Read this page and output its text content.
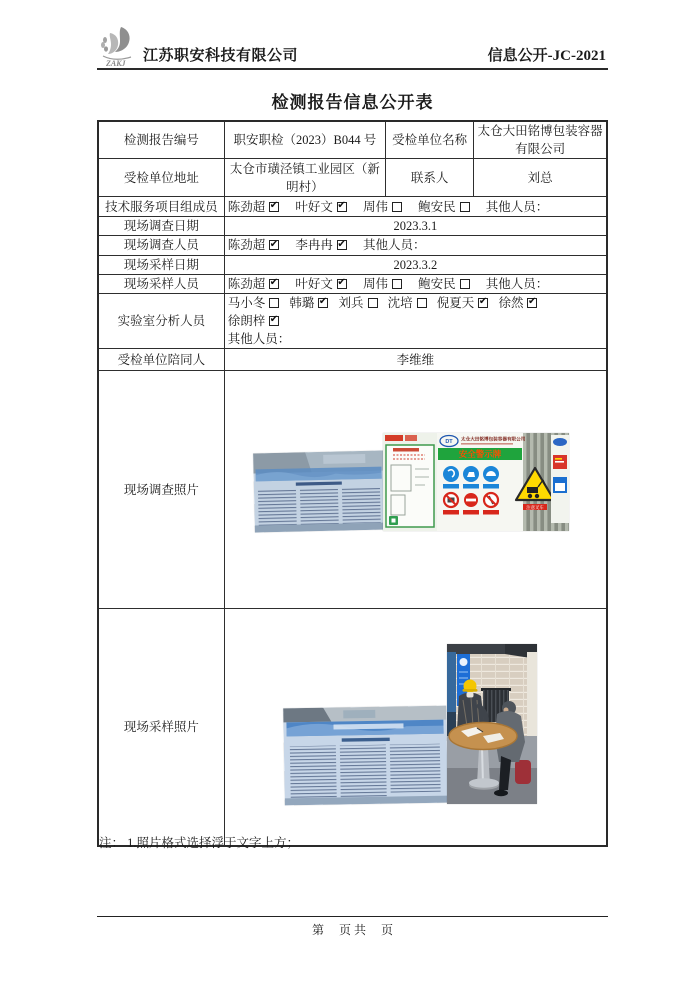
ZAKJ 江苏职安科技有限公司	信息公开-JC-2021
检测报告信息公开表
检测报告编号	职安职检（2023）B044 号	受检单位名称	太仓大田铭博包装容器有限公司
受检单位地址	太仓市璜泾镇工业园区（新明村）	联系人	刘总
技术服务项目组成员	陈劲超 ✔ 叶好文 ✔ 周伟 鲍安民 其他人员：
现场调查日期	2023.3.1		
现场调查人员	陈劲超 ✔ 李冉冉 ✔ 其他人员：
现场采样日期	2023.3.2		
现场采样人员	陈劲超 ✔ 叶好文 ✔ 周伟 鲍安民 其他人员：
实验室分析人员	马小冬 韩璐 ✔ 刘兵 沈培 倪夏天 ✔ 徐然✔ 徐朗梓✔
其他人员：

受检单位陪同人	李维维		
现场调查照片	DT
太仓大田铭博包装容器有限公司
安全警示牌
注意叉车		

现场采样照片	
注： 1.照片格式选择浮于文字上方；
第　 页 共 　页
